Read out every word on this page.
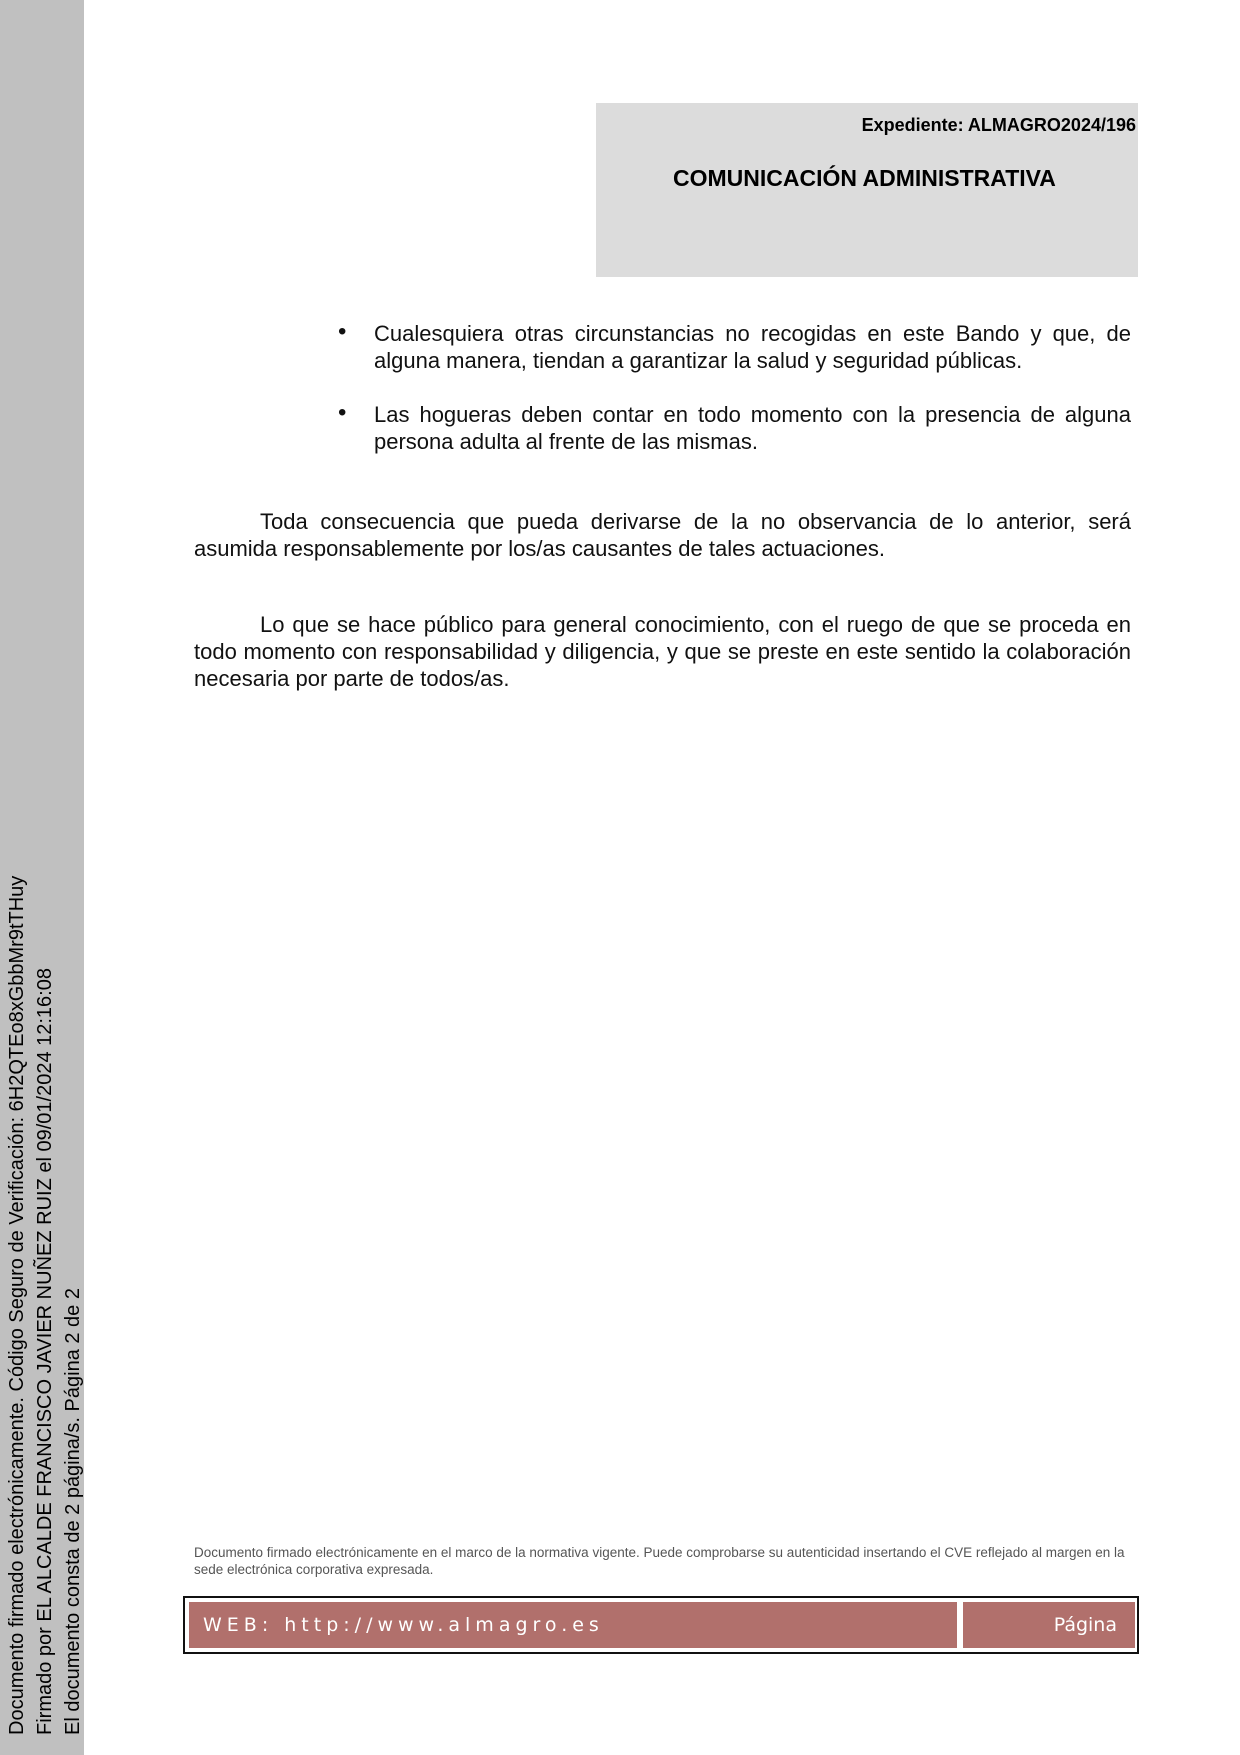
Documento firmado electrónicamente. Código Seguro de Verificación: 6H2QTEo8xGbbMr9tTHuy Firmado por EL ALCALDE FRANCISCO JAVIER NUÑEZ RUIZ el 09/01/2024 12:16:08 El documento consta de 2 página/s. Página 2 de 2
Expediente: ALMAGRO2024/196
COMUNICACIÓN ADMINISTRATIVA
• Cualesquiera otras circunstancias no recogidas en este Bando y que, de alguna manera, tiendan a garantizar la salud y seguridad públicas.
• Las hogueras deben contar en todo momento con la presencia de alguna persona adulta al frente de las mismas.
Toda consecuencia que pueda derivarse de la no observancia de lo anterior, será asumida responsablemente por los/as causantes de tales actuaciones.
Lo que se hace público para general conocimiento, con el ruego de que se proceda en todo momento con responsabilidad y diligencia, y que se preste en este sentido la colaboración necesaria por parte de todos/as.
Documento firmado electrónicamente en el marco de la normativa vigente. Puede comprobarse su autenticidad insertando el CVE reflejado al margen en la sede electrónica corporativa expresada.
WEB: http://www.almagro.es	Página
